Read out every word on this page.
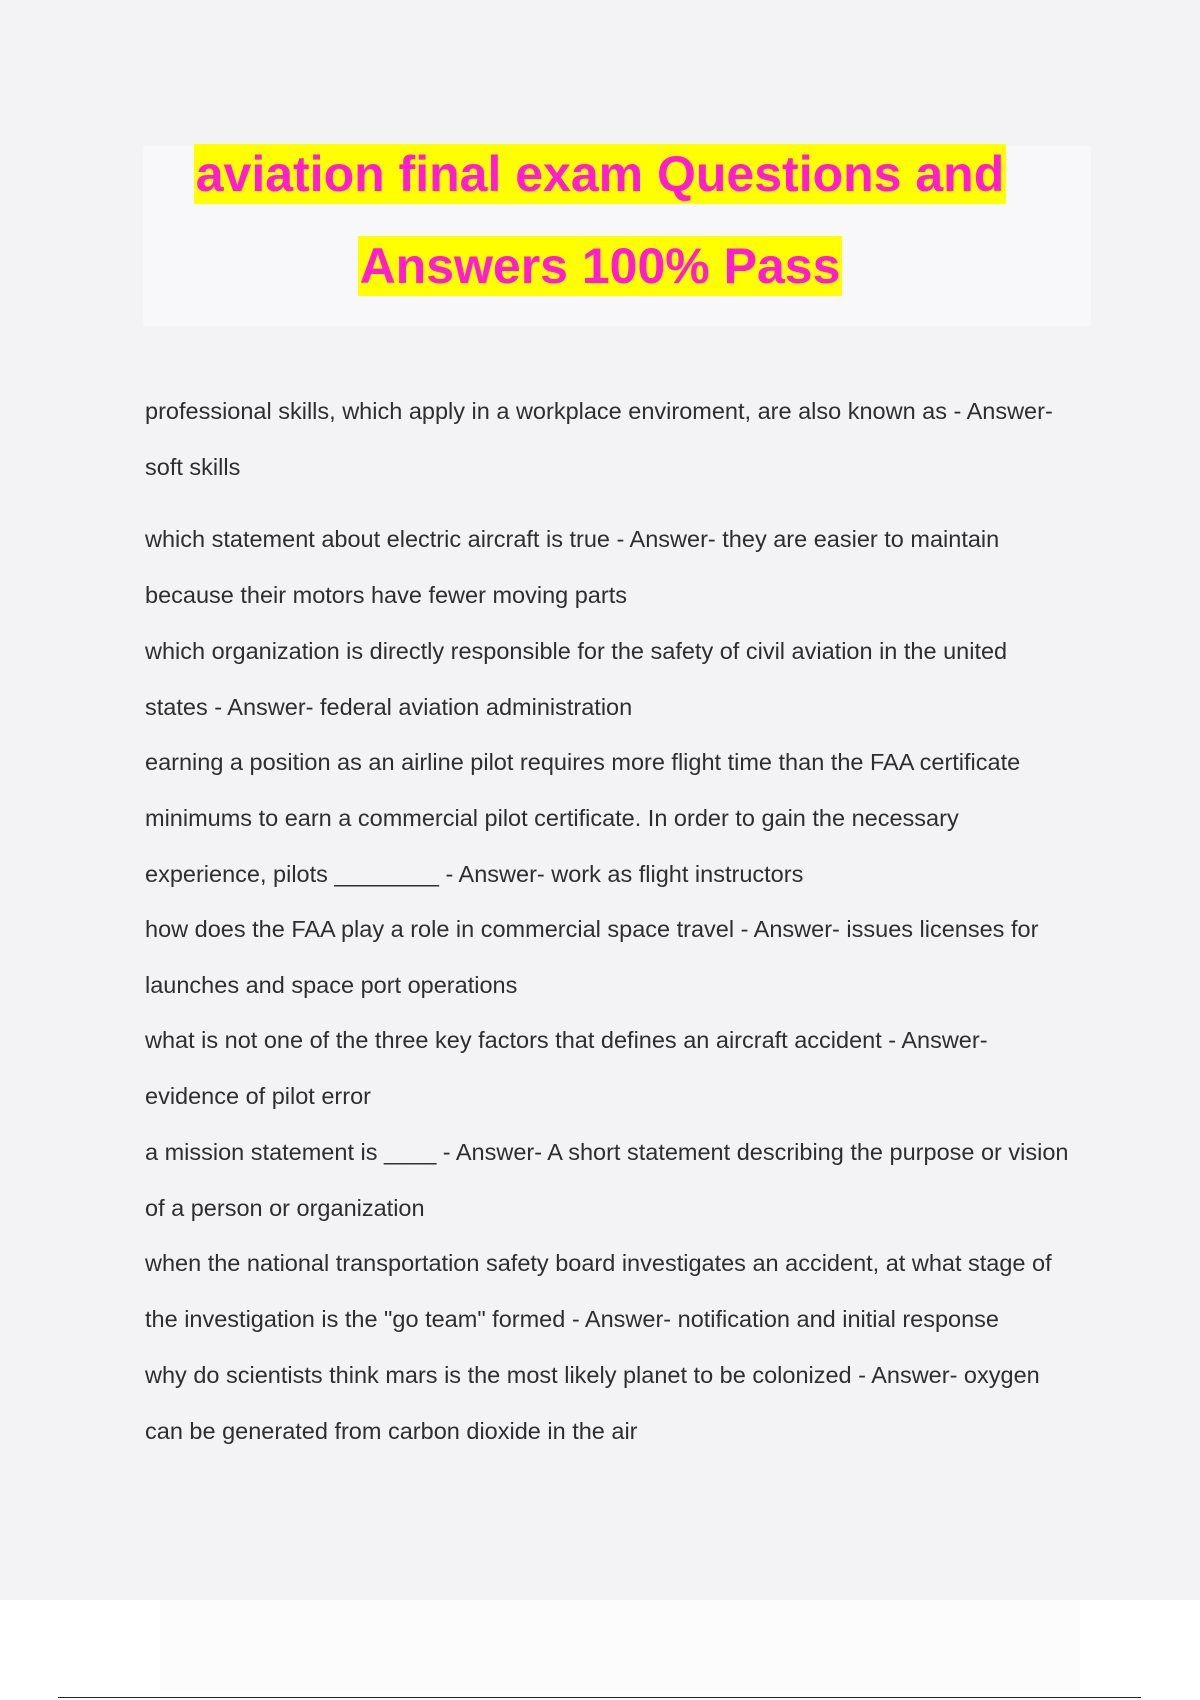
aviation final exam Questions and
Answers 100% Pass
professional skills, which apply in a workplace enviroment, are also known as - Answer-
soft skills
which statement about electric aircraft is true - Answer- they are easier to maintain
because their motors have fewer moving parts
which organization is directly responsible for the safety of civil aviation in the united
states - Answer- federal aviation administration
earning a position as an airline pilot requires more flight time than the FAA certificate
minimums to earn a commercial pilot certificate. In order to gain the necessary
experience, pilots ________ - Answer- work as flight instructors
how does the FAA play a role in commercial space travel - Answer- issues licenses for
launches and space port operations
what is not one of the three key factors that defines an aircraft accident - Answer-
evidence of pilot error
a mission statement is ____ - Answer- A short statement describing the purpose or vision
of a person or organization
when the national transportation safety board investigates an accident, at what stage of
the investigation is the "go team" formed - Answer- notification and initial response
why do scientists think mars is the most likely planet to be colonized - Answer- oxygen
can be generated from carbon dioxide in the air
